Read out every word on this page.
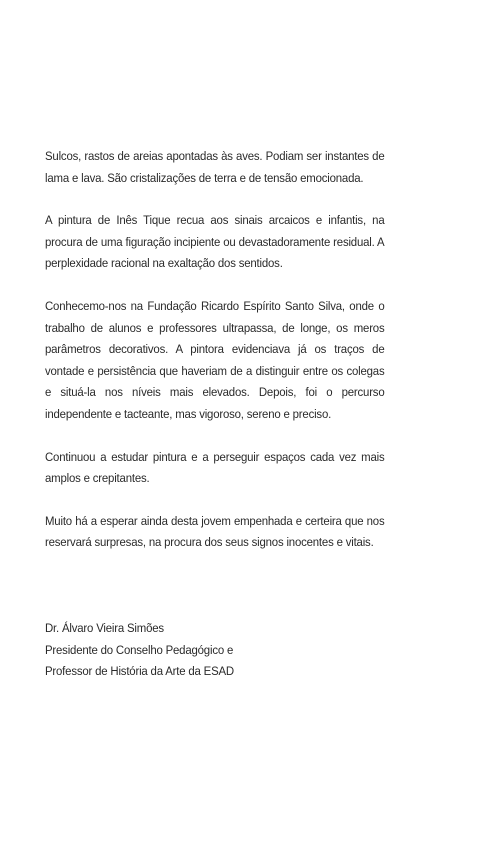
Sulcos, rastos de areias apontadas às aves. Podiam ser instantes de lama e lava. São cristalizações de terra e de tensão emocionada.

A pintura de Inês Tique recua aos sinais arcaicos e infantis, na procura de uma figuração incipiente ou devastadoramente residual. A perplexidade racional na exaltação dos sentidos.

Conhecemo-nos na Fundação Ricardo Espírito Santo Silva, onde o trabalho de alunos e professores ultrapassa, de longe, os meros parâmetros decorativos. A pintora evidenciava já os traços de vontade e persistência que haveriam de a distinguir entre os colegas e situá-la nos níveis mais elevados. Depois, foi o percurso independente e tacteante, mas vigoroso, sereno e preciso.

Continuou a estudar pintura e a perseguir espaços cada vez mais amplos e crepitantes.

Muito há a esperar ainda desta jovem empenhada e certeira que nos reservará surpresas, na procura dos seus signos inocentes e vitais.

Dr. Álvaro Vieira Simões
Presidente do Conselho Pedagógico e
Professor de História da Arte da ESAD
